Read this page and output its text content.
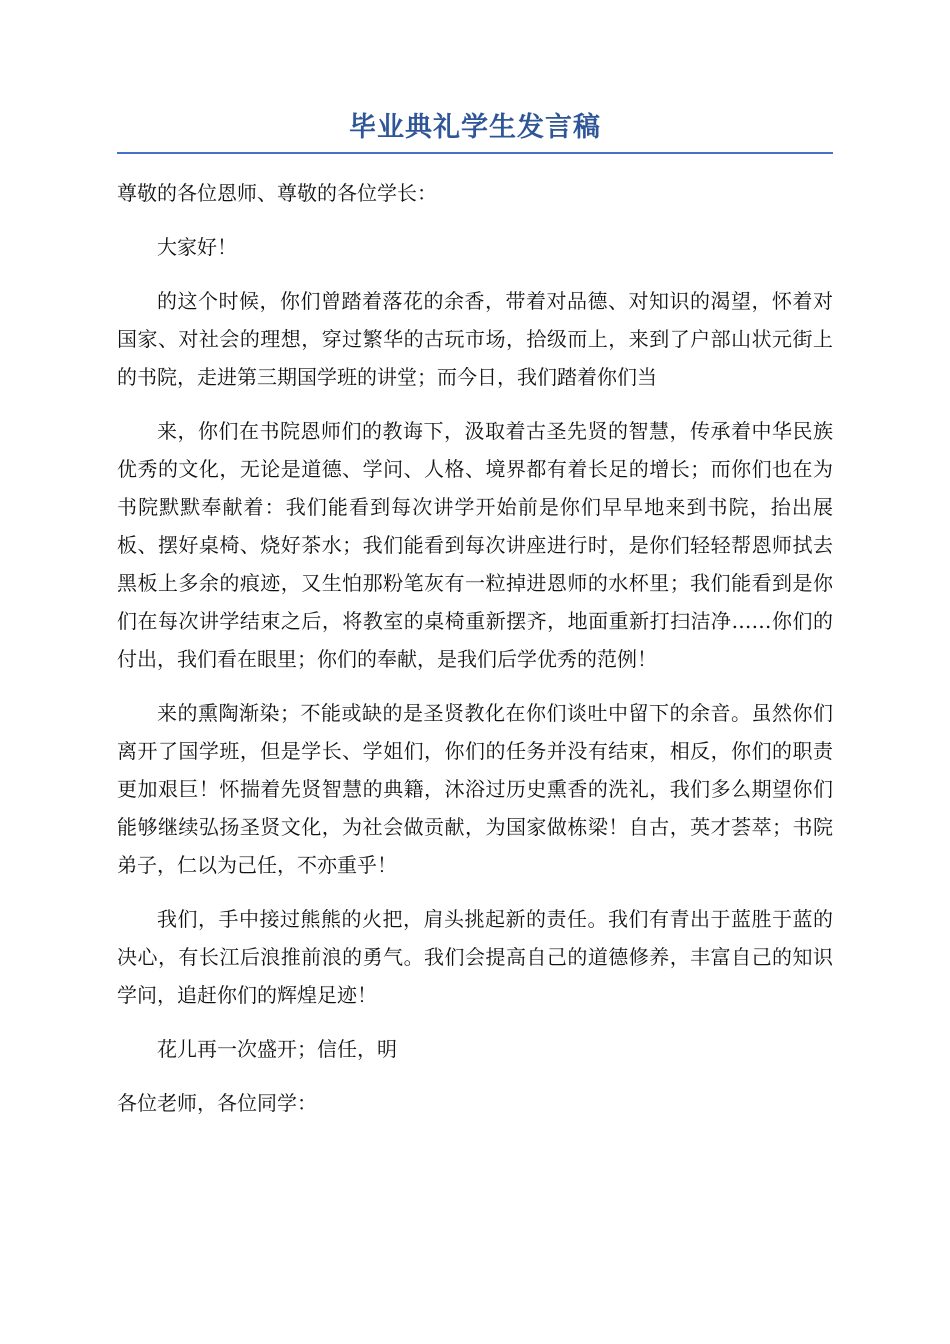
毕业典礼学生发言稿

尊敬的各位恩师、尊敬的各位学长：

大家好！

的这个时候，你们曾踏着落花的余香，带着对品德、对知识的渴望，怀着对国家、对社会的理想，穿过繁华的古玩市场，拾级而上，来到了户部山状元街上的书院，走进第三期国学班的讲堂；而今日，我们踏着你们当

来，你们在书院恩师们的教诲下，汲取着古圣先贤的智慧，传承着中华民族优秀的文化，无论是道德、学问、人格、境界都有着长足的增长；而你们也在为书院默默奉献着：我们能看到每次讲学开始前是你们早早地来到书院，抬出展板、摆好桌椅、烧好茶水；我们能看到每次讲座进行时，是你们轻轻帮恩师拭去黑板上多余的痕迹，又生怕那粉笔灰有一粒掉进恩师的水杯里；我们能看到是你们在每次讲学结束之后，将教室的桌椅重新摆齐，地面重新打扫洁净……你们的付出，我们看在眼里；你们的奉献，是我们后学优秀的范例！

来的熏陶渐染；不能或缺的是圣贤教化在你们谈吐中留下的余音。虽然你们离开了国学班，但是学长、学姐们，你们的任务并没有结束，相反，你们的职责更加艰巨！怀揣着先贤智慧的典籍，沐浴过历史熏香的洗礼，我们多么期望你们能够继续弘扬圣贤文化，为社会做贡献，为国家做栋梁！自古，英才荟萃；书院弟子，仁以为己任，不亦重乎！

我们，手中接过熊熊的火把，肩头挑起新的责任。我们有青出于蓝胜于蓝的决心，有长江后浪推前浪的勇气。我们会提高自己的道德修养，丰富自己的知识学问，追赶你们的辉煌足迹！

花儿再一次盛开；信任，明

各位老师，各位同学：
